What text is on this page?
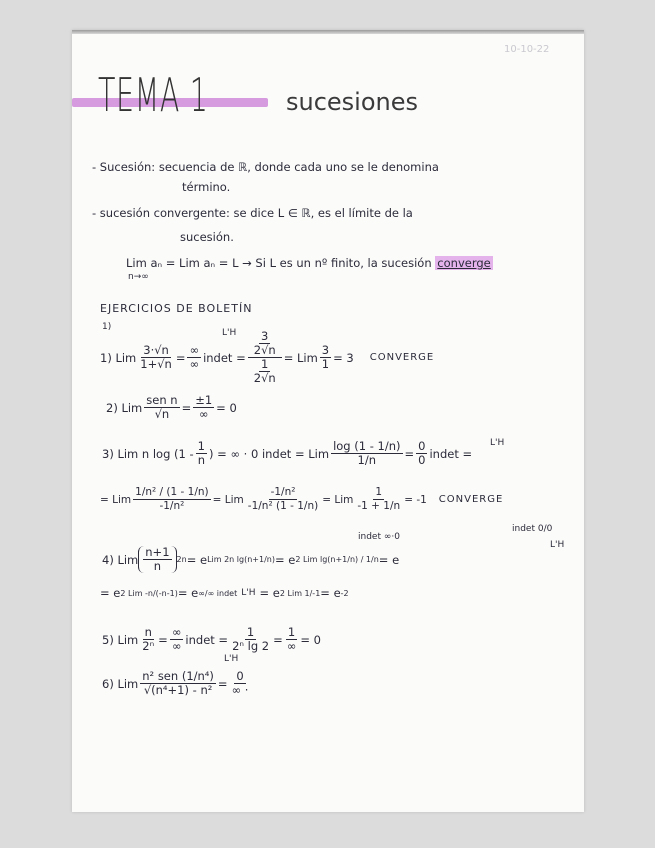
10-10-22
TEMA 1	sucesiones
- Sucesión: secuencia de ℝ, donde cada uno se le denomina
término.
- sucesión convergente: se dice L ∈ ℝ, es el límite de la
sucesión.
Lim aₙ = Lim aₙ = L → Si L es un nº finito, la sucesión converge
n→∞
EJERCICIOS DE BOLETÍN
1)
L'H
1) Lim $\frac{3\cdot√n}{1+√n} = \frac{\infty}{\infty}$ $indet = \frac{\frac{3}{2√n}}{\frac{1}{2√n}}$ = Lim $\frac{3}{1} = 3$ CONVERGE
2) Lim $\frac{\text{sen n}}{√n} = \frac{\pm 1}{\infty} = 0$
L'H
3) Lim n $\log (1 - \frac{1}{n}$ ) = ∞ · 0 indet = Lim $\frac{\log (1 - 1/n)}{1/n} = \frac{0}{0}$ indet =
= Lim $\frac{\text{1/n² / (1 - 1/n)}}{\text{-1/n²}}$ = Lim $\frac{\text{-1/n²}}{\text{-1/n² (1 - 1/n)}}$ = Lim $\frac{1}{-1 + 1/n} = -1$ CONVERGE
indet ∞·0
indet 0/0
L'H
4) Lim $\frac{n+1}{n} 2n = e$ Lim 2n lg(n+1/n) = e 2 Lim lg(n+1/n) / 1/n = e
= e 2 Lim -n/(-n-1) = e ∞/∞ indet L'H = e 2 Lim 1/-1 = e -2
5) Lim $\frac{n}{\text{2ⁿ}} = \frac{\infty}{\infty}$ $indet = \frac{1}{\text{2ⁿ lg 2}} = \frac{1}{\infty} = 0$
L'H
6) Lim $\frac{\text{n² sen (1/n⁴)}}{\text{√(n⁴+1) - n²}} = \frac{0}{\infty \cdot}$
